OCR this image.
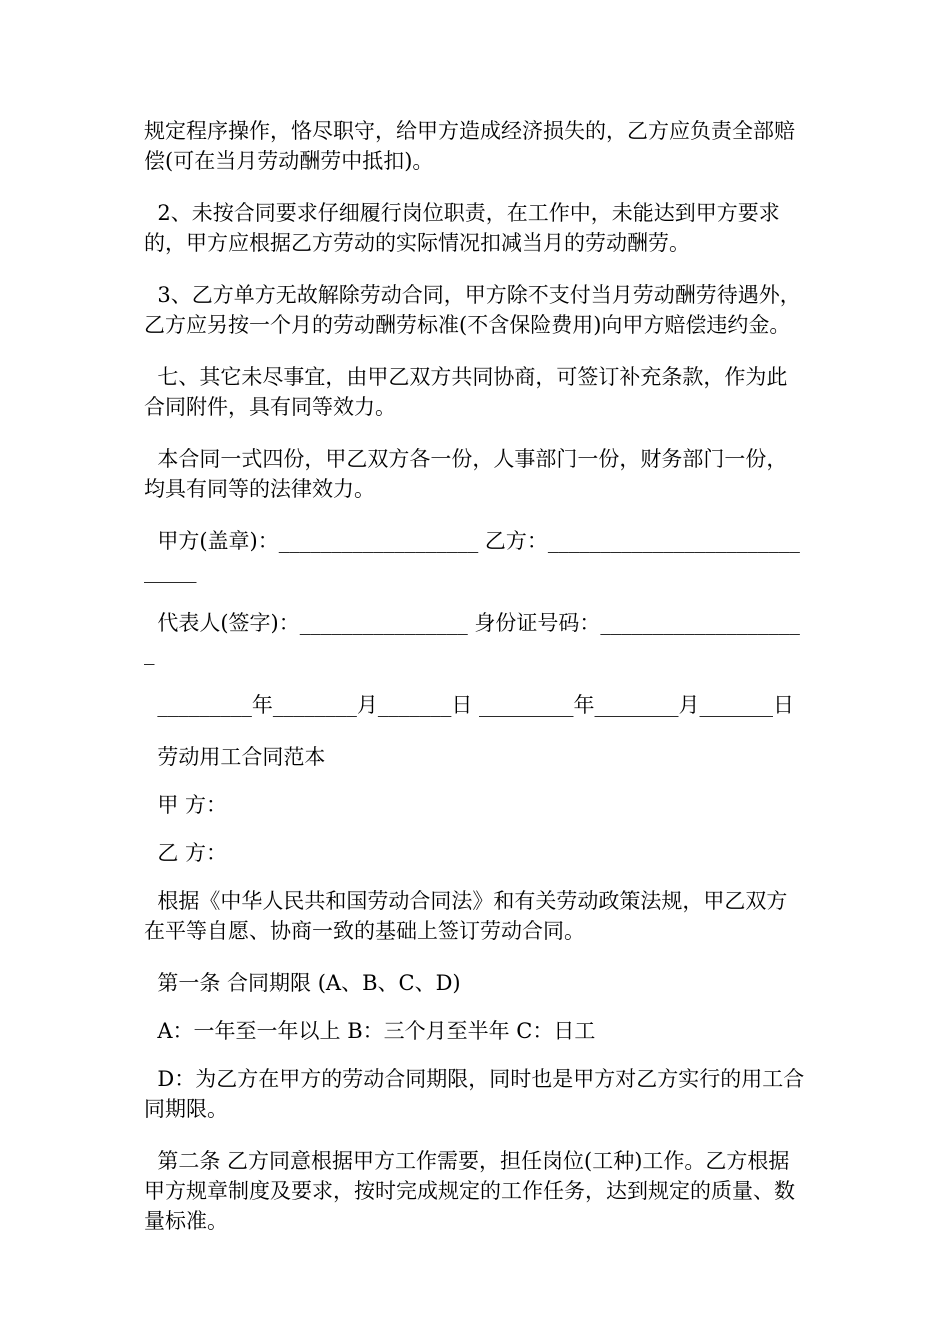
规定程序操作，恪尽职守，给甲方造成经济损失的，乙方应负责全部赔偿(可在当月劳动酬劳中抵扣)。

2、未按合同要求仔细履行岗位职责，在工作中，未能达到甲方要求的，甲方应根据乙方劳动的实际情况扣减当月的劳动酬劳。

3、乙方单方无故解除劳动合同，甲方除不支付当月劳动酬劳待遇外，乙方应另按一个月的劳动酬劳标准(不含保险费用)向甲方赔偿违约金。

七、其它未尽事宜，由甲乙双方共同协商，可签订补充条款，作为此合同附件，具有同等效力。

本合同一式四份，甲乙双方各一份，人事部门一份，财务部门一份，均具有同等的法律效力。

甲方(盖章)：___________________ 乙方：_____________________________

代表人(签字)：________________ 身份证号码：____________________

_________年________月_______日 _________年________月_______日

劳动用工合同范本

甲 方：

乙 方：

根据《中华人民共和国劳动合同法》和有关劳动政策法规，甲乙双方在平等自愿、协商一致的基础上签订劳动合同。

第一条 合同期限 (A、B、C、D)

A：一年至一年以上 B：三个月至半年 C：日工

D：为乙方在甲方的劳动合同期限，同时也是甲方对乙方实行的用工合同期限。

第二条 乙方同意根据甲方工作需要，担任岗位(工种)工作。乙方根据甲方规章制度及要求，按时完成规定的工作任务，达到规定的质量、数量标准。
